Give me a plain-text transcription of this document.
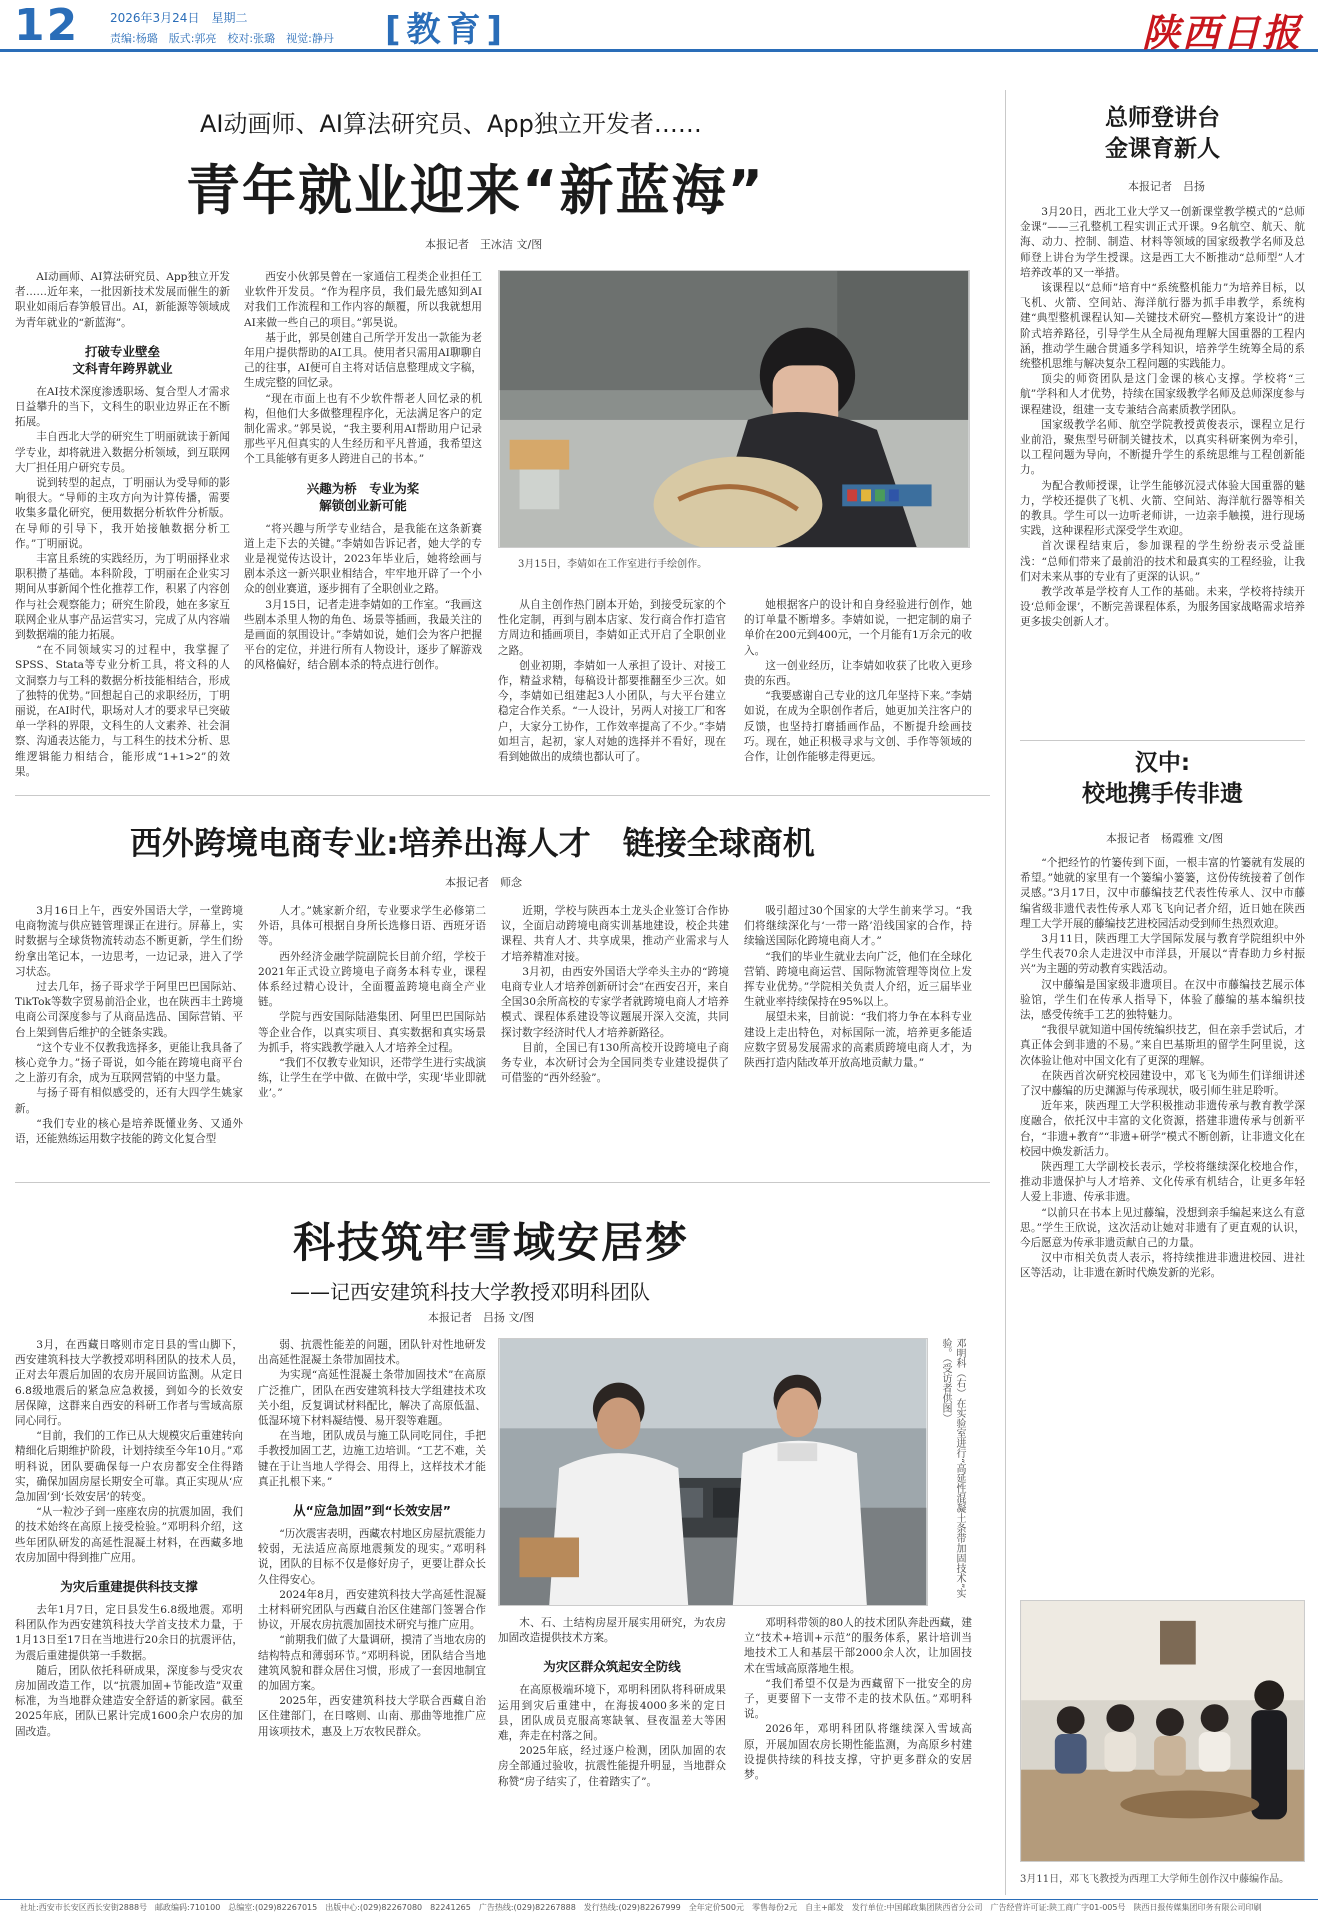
12	2026年3月24日　星期二
责编:杨璐　版式:郭亮　校对:张璐　视觉:静丹 [教育]	陕西日报
AI动画师、AI算法研究员、App独立开发者……
青年就业迎来“新蓝海”
本报记者　王冰洁 文/图
3月15日，李婧如在工作室进行手绘创作。

AI动画师、AI算法研究员、App独立开发者……近年来，一批因新技术发展而催生的新职业如雨后春笋般冒出。AI，新能源等领域成为青年就业的“新蓝海”。

打破专业壁垒
文科青年跨界就业

在AI技术深度渗透职场、复合型人才需求日益攀升的当下，文科生的职业边界正在不断拓展。

丰自西北大学的研究生丁明丽就读于新闻学专业，却将就进入数据分析领域，到互联网大厂担任用户研究专员。

说到转型的起点，丁明丽认为受导师的影响很大。“导师的主攻方向为计算传播，需要收集多量化研究，便用数据分析软件分析版。在导师的引导下，我开始接触数据分析工作。”丁明丽说。

丰富且系统的实践经历，为丁明丽择业求职积攒了基础。本科阶段，丁明丽在企业实习期间从事新闻个性化推荐工作，积累了内容创作与社会观察能力；研究生阶段，她在多家互联网企业从事产品运营实习，完成了从内容端到数据端的能力拓展。

“在不同领域实习的过程中，我掌握了SPSS、Stata等专业分析工具，将文科的人文洞察力与工科的数据分析技能相结合，形成了独特的优势。”回想起自己的求职经历，丁明丽说，在AI时代，职场对人才的要求早已突破单一学科的界限，文科生的人文素养、社会洞察、沟通表达能力，与工科生的技术分析、思维逻辑能力相结合，能形成“1+1>2”的效果。

西安小伙郭昊曾在一家通信工程类企业担任工业软件开发员。“作为程序员，我们最先感知到AI对我们工作流程和工作内容的颠覆，所以我就想用AI来做一些自己的项目。”郭昊说。

基于此，郭昊创建自己所学开发出一款能为老年用户提供帮助的AI工具。使用者只需用AI聊聊自己的往事，AI便可自主将对话信息整理成文字稿，生成完整的回忆录。

“现在市面上也有不少软件帮老人回忆录的机构，但他们大多做整理程序化，无法满足客户的定制化需求。”郭昊说，“我主要利用AI帮助用户记录那些平凡但真实的人生经历和平凡普通，我希望这个工具能够有更多人跨进自己的书本。”

兴趣为桥　专业为桨
解锁创业新可能

“将兴趣与所学专业结合，是我能在这条新赛道上走下去的关键。”李婧如告诉记者，她大学的专业是视觉传达设计，2023年毕业后，她将绘画与剧本杀这一新兴职业相结合，牢牢地开辟了一个小众的创业赛道，逐步拥有了全职创业之路。

3月15日，记者走进李婧如的工作室。“我画这些剧本杀里人物的角色、场景等插画，我最关注的是画面的氛围设计。”李婧如说，她们会为客户把握平台的定位，并进行所有人物设计，逐步了解游戏的风格偏好，结合剧本杀的特点进行创作。

从自主创作热门剧本开始，到接受玩家的个性化定制，再到与剧本店家、发行商合作打造官方周边和插画项目，李婧如正式开启了全职创业之路。

创业初期，李婧如一人承担了设计、对接工作，精益求精，每稿设计都要推翻至少三次。如今，李婧如已组建起3人小团队，与大平台建立稳定合作关系。“一人设计，另两人对接工厂和客户，大家分工协作，工作效率提高了不少。”李婧如坦言，起初，家人对她的选择并不看好，现在看到她做出的成绩也都认可了。

她根据客户的设计和自身经验进行创作，她的订单量不断增多。李婧如说，一把定制的扇子单价在200元到400元，一个月能有1万余元的收入。

这一创业经历，让李婧如收获了比收入更珍贵的东西。

“我要感谢自己专业的这几年坚持下来。”李婧如说，在成为全职创作者后，她更加关注客户的反馈，也坚持打磨插画作品，不断提升绘画技巧。现在，她正积极寻求与文创、手作等领域的合作，让创作能够走得更远。

西外跨境电商专业:培养出海人才　链接全球商机
本报记者　师念

3月16日上午，西安外国语大学，一堂跨境电商物流与供应链管理课正在进行。屏幕上，实时数据与全球货物流转动态不断更新，学生们纷纷拿出笔记本，一边思考，一边记录，进入了学习状态。

过去几年，扬子哥求学于阿里巴巴国际站、TikTok等数字贸易前沿企业，也在陕西丰土跨境电商公司深度参与了从商品选品、国际营销、平台上架到售后维护的全链条实践。

“这个专业不仅教我选择多，更能让我具备了核心竞争力。”扬子哥说，如今能在跨境电商平台之上游刃有余，成为互联网营销的中坚力量。

与扬子哥有相似感受的，还有大四学生姚家新。

“我们专业的核心是培养既懂业务、又通外语，还能熟练运用数字技能的跨文化复合型

人才。”姚家新介绍，专业要求学生必修第二外语，具体可根据自身所长选修日语、西班牙语等。

西外经济金融学院副院长目前介绍，学校于2021年正式设立跨境电子商务本科专业，课程体系经过精心设计，全面覆盖跨境电商全产业链。

学院与西安国际陆港集团、阿里巴巴国际站等企业合作，以真实项目、真实数据和真实场景为抓手，将实践教学融入人才培养全过程。

“我们不仅教专业知识，还带学生进行实战演练，让学生在学中做、在做中学，实现‘毕业即就业’。”

近期，学校与陕西本土龙头企业签订合作协议，全面启动跨境电商实训基地建设，校企共建课程、共育人才、共享成果，推动产业需求与人才培养精准对接。

3月初，由西安外国语大学牵头主办的“跨境电商专业人才培养创新研讨会”在西安召开，来自全国30余所高校的专家学者就跨境电商人才培养模式、课程体系建设等议题展开深入交流，共同探讨数字经济时代人才培养新路径。

目前，全国已有130所高校开设跨境电子商务专业，本次研讨会为全国同类专业建设提供了可借鉴的“西外经验”。

吸引超过30个国家的大学生前来学习。“我们将继续深化与‘一带一路’沿线国家的合作，持续输送国际化跨境电商人才。”

“我们的毕业生就业去向广泛，他们在全球化营销、跨境电商运营、国际物流管理等岗位上发挥专业优势。”学院相关负责人介绍，近三届毕业生就业率持续保持在95%以上。

展望未来，目前说：“我们将力争在本科专业建设上走出特色，对标国际一流，培养更多能适应数字贸易发展需求的高素质跨境电商人才，为陕西打造内陆改革开放高地贡献力量。”

科技筑牢雪域安居梦
——记西安建筑科技大学教授邓明科团队
本报记者　吕扬 文/图
邓明科（右）在实验室进行“高延性混凝土条带加固技术”实验。（受访者供图）

3月，在西藏日喀则市定日县的雪山脚下，西安建筑科技大学教授邓明科团队的技术人员，正对去年震后加固的农房开展回访监测。从定日6.8级地震后的紧急应急救援，到如今的长效安居保障，这群来自西安的科研工作者与雪域高原同心同行。

“目前，我们的工作已从大规模灾后重建转向精细化后期维护阶段，计划持续至今年10月。”邓明科说，团队要确保每一户农房都安全住得踏实，确保加固房屋长期安全可靠。真正实现从‘应急加固’到‘长效安居’的转变。

“从一粒沙子到一座座农房的抗震加固，我们的技术始终在高原上接受检验。”邓明科介绍，这些年团队研发的高延性混凝土材料，在西藏多地农房加固中得到推广应用。

为灾后重建提供科技支撑

去年1月7日，定日县发生6.8级地震。邓明科团队作为西安建筑科技大学首支技术力量，于1月13日至17日在当地进行20余日的抗震评估，为震后重建提供第一手数据。

随后，团队依托科研成果，深度参与受灾农房加固改造工作，以“抗震加固+节能改造”双重标准，为当地群众建造安全舒适的新家园。截至2025年底，团队已累计完成1600余户农房的加固改造。

弱、抗震性能差的问题，团队针对性地研发出高延性混凝土条带加固技术。

为实现“高延性混凝土条带加固技术”在高原广泛推广，团队在西安建筑科技大学组建技术攻关小组，反复调试材料配比，解决了高原低温、低湿环境下材料凝结慢、易开裂等难题。

在当地，团队成员与施工队同吃同住，手把手教授加固工艺，边施工边培训。“工艺不难，关键在于让当地人学得会、用得上，这样技术才能真正扎根下来。”

从“应急加固”到“长效安居”

“历次震害表明，西藏农村地区房屋抗震能力较弱，无法适应高原地震频发的现实。”邓明科说，团队的目标不仅是修好房子，更要让群众长久住得安心。

2024年8月，西安建筑科技大学高延性混凝土材料研究团队与西藏自治区住建部门签署合作协议，开展农房抗震加固技术研究与推广应用。

“前期我们做了大量调研，摸清了当地农房的结构特点和薄弱环节。”邓明科说，团队结合当地建筑风貌和群众居住习惯，形成了一套因地制宜的加固方案。

2025年，西安建筑科技大学联合西藏自治区住建部门，在日喀则、山南、那曲等地推广应用该项技术，惠及上万农牧民群众。

木、石、土结构房屋开展实用研究，为农房加固改造提供技术方案。

为灾区群众筑起安全防线

在高原极端环境下，邓明科团队将科研成果运用到灾后重建中，在海拔4000多米的定日县，团队成员克服高寒缺氧、昼夜温差大等困难，奔走在村落之间。

2025年底，经过逐户检测，团队加固的农房全部通过验收，抗震性能提升明显，当地群众称赞“房子结实了，住着踏实了”。

邓明科带领的80人的技术团队奔赴西藏，建立“技术+培训+示范”的服务体系，累计培训当地技术工人和基层干部2000余人次，让加固技术在雪域高原落地生根。

“我们希望不仅是为西藏留下一批安全的房子，更要留下一支带不走的技术队伍。”邓明科说。

2026年，邓明科团队将继续深入雪域高原，开展加固农房长期性能监测，为高原乡村建设提供持续的科技支撑，守护更多群众的安居梦。

总师登讲台
金课育新人
本报记者　吕扬

3月20日，西北工业大学又一创新课堂教学模式的“总师金课”——三孔整机工程实训正式开课。9名航空、航天、航海、动力、控制、制造、材料等领域的国家级教学名师及总师登上讲台为学生授课。这是西工大不断推动“总师型”人才培养改革的又一举措。

该课程以“总师”培育中“系统整机能力”为培养目标，以飞机、火箭、空间站、海洋航行器为抓手串教学，系统构建“典型整机课程认知—关键技术研究—整机方案设计”的进阶式培养路径，引导学生从全局视角理解大国重器的工程内涵，推动学生融合贯通多学科知识，培养学生统筹全局的系统整机思维与解决复杂工程问题的实践能力。

顶尖的师资团队是这门金课的核心支撑。学校将“三航”学科和人才优势，持续在国家级教学名师及总师深度参与课程建设，组建一支专兼结合高素质教学团队。

国家级教学名师、航空学院教授黄俊表示，课程立足行业前沿，聚焦型号研制关键技术，以真实科研案例为牵引，以工程问题为导向，不断提升学生的系统思维与工程创新能力。

为配合教师授课，让学生能够沉浸式体验大国重器的魅力，学校还提供了飞机、火箭、空间站、海洋航行器等相关的教具。学生可以一边听老师讲，一边亲手触摸，进行现场实践，这种课程形式深受学生欢迎。

首次课程结束后，参加课程的学生纷纷表示受益匪浅：“总师们带来了最前沿的技术和最真实的工程经验，让我们对未来从事的专业有了更深的认识。”

教学改革是学校育人工作的基础。未来，学校将持续开设‘总师金课’，不断完善课程体系，为服务国家战略需求培养更多拔尖创新人才。

汉中:
校地携手传非遗
本报记者　杨霞雅 文/图

“个把经竹的竹篓传到下面，一根丰富的竹篓就有发展的希望。”她就的家里有一个篓编小篓篓，这份传统接着了创作灵感。”3月17日，汉中市藤编技艺代表性传承人、汉中市藤编省级非遗代表性传承人邓飞飞向记者介绍，近日她在陕西理工大学开展的藤编技艺进校园活动受到师生热烈欢迎。

3月11日，陕西理工大学国际发展与教育学院组织中外学生代表70余人走进汉中市洋县，开展以“青春助力乡村振兴”为主题的劳动教育实践活动。

汉中藤编是国家级非遗项目。在汉中市藤编技艺展示体验馆，学生们在传承人指导下，体验了藤编的基本编织技法，感受传统手工艺的独特魅力。

“我很早就知道中国传统编织技艺，但在亲手尝试后，才真正体会到非遗的不易。”来自巴基斯坦的留学生阿里说，这次体验让他对中国文化有了更深的理解。

在陕西首次研究校园建设中，邓飞飞为师生们详细讲述了汉中藤编的历史渊源与传承现状，吸引师生驻足聆听。

近年来，陕西理工大学积极推动非遗传承与教育教学深度融合，依托汉中丰富的文化资源，搭建非遗传承与创新平台，“非遗+教育”“非遗+研学”模式不断创新，让非遗文化在校园中焕发新活力。

陕西理工大学副校长表示，学校将继续深化校地合作，推动非遗保护与人才培养、文化传承有机结合，让更多年轻人爱上非遗、传承非遗。

“以前只在书本上见过藤编，没想到亲手编起来这么有意思。”学生王欣说，这次活动让她对非遗有了更直观的认识，今后愿意为传承非遗贡献自己的力量。

汉中市相关负责人表示，将持续推进非遗进校园、进社区等活动，让非遗在新时代焕发新的光彩。

3月11日，邓飞飞教授为西理工大学师生创作汉中藤编作品。
社址:西安市长安区西长安街2888号　邮政编码:710100　总编室:(029)82267015　出版中心:(029)82267080　82241265　广告热线:(029)82267888　发行热线:(029)82267999　全年定价500元　零售每份2元　自主+邮发　发行单位:中国邮政集团陕西省分公司　广告经营许可证:陕工商广字01-005号　陕西日报传媒集团印务有限公司印刷
